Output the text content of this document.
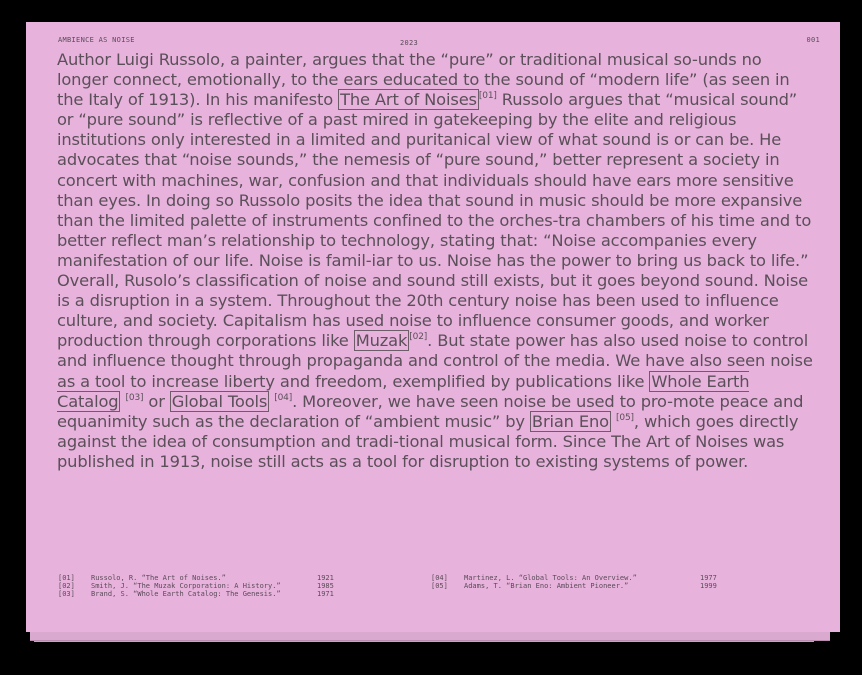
AMBIENCE AS NOISE	2023	001
Author Luigi Russolo, a painter, argues that the “pure” or traditional musical so-unds no longer connect, emotionally, to the ears educated to the sound of “modern life” (as seen in the Italy of 1913). In his manifesto The Art of Noises [01] Russolo argues that “musical sound” or “pure sound” is reflective of a past mired in gatekeeping by the elite and religious institutions only interested in a limited and puritanical view of what sound is or can be. He advocates that “noise sounds,” the nemesis of “pure sound,” better represent a society in concert with machines, war, confusion and that individuals should have ears more sensitive than eyes. In doing so Russolo posits the idea that sound in music should be more expansive than the limited palette of instruments confined to the orches-tra chambers of his time and to better reflect man’s relationship to technology, stating that: “Noise accompanies every manifestation of our life. Noise is famil-iar to us. Noise has the power to bring us back to life.”
Overall, Rusolo’s classification of noise and sound still exists, but it goes beyond sound. Noise is a disruption in a system. Throughout the 20th century noise has been used to influence culture, and society. Capitalism has used noise to influence consumer goods, and worker production through corporations like Muzak [02]. But state power has also used noise to control and influence thought through propaganda and control of the media. We have also seen noise as a tool to increase liberty and freedom, exemplified by publications like Whole Earth Catalog [03] or Global Tools [04]. Moreover, we have seen noise be used to pro-mote peace and equanimity such as the declaration of “ambient music” by Brian Eno [05], which goes directly against the idea of consumption and tradi-tional musical form. Since The Art of Noises was published in 1913, noise still acts as a tool for disruption to existing systems of power.
[01]	Russolo, R. “The Art of Noises.”	1921
[02]	Smith, J. “The Muzak Corporation: A History.”	1985
[03]	Brand, S. “Whole Earth Catalog: The Genesis.”	1971
[04]	Martinez, L. “Global Tools: An Overview.”	1977
[05]	Adams, T. “Brian Eno: Ambient Pioneer.”	1999
